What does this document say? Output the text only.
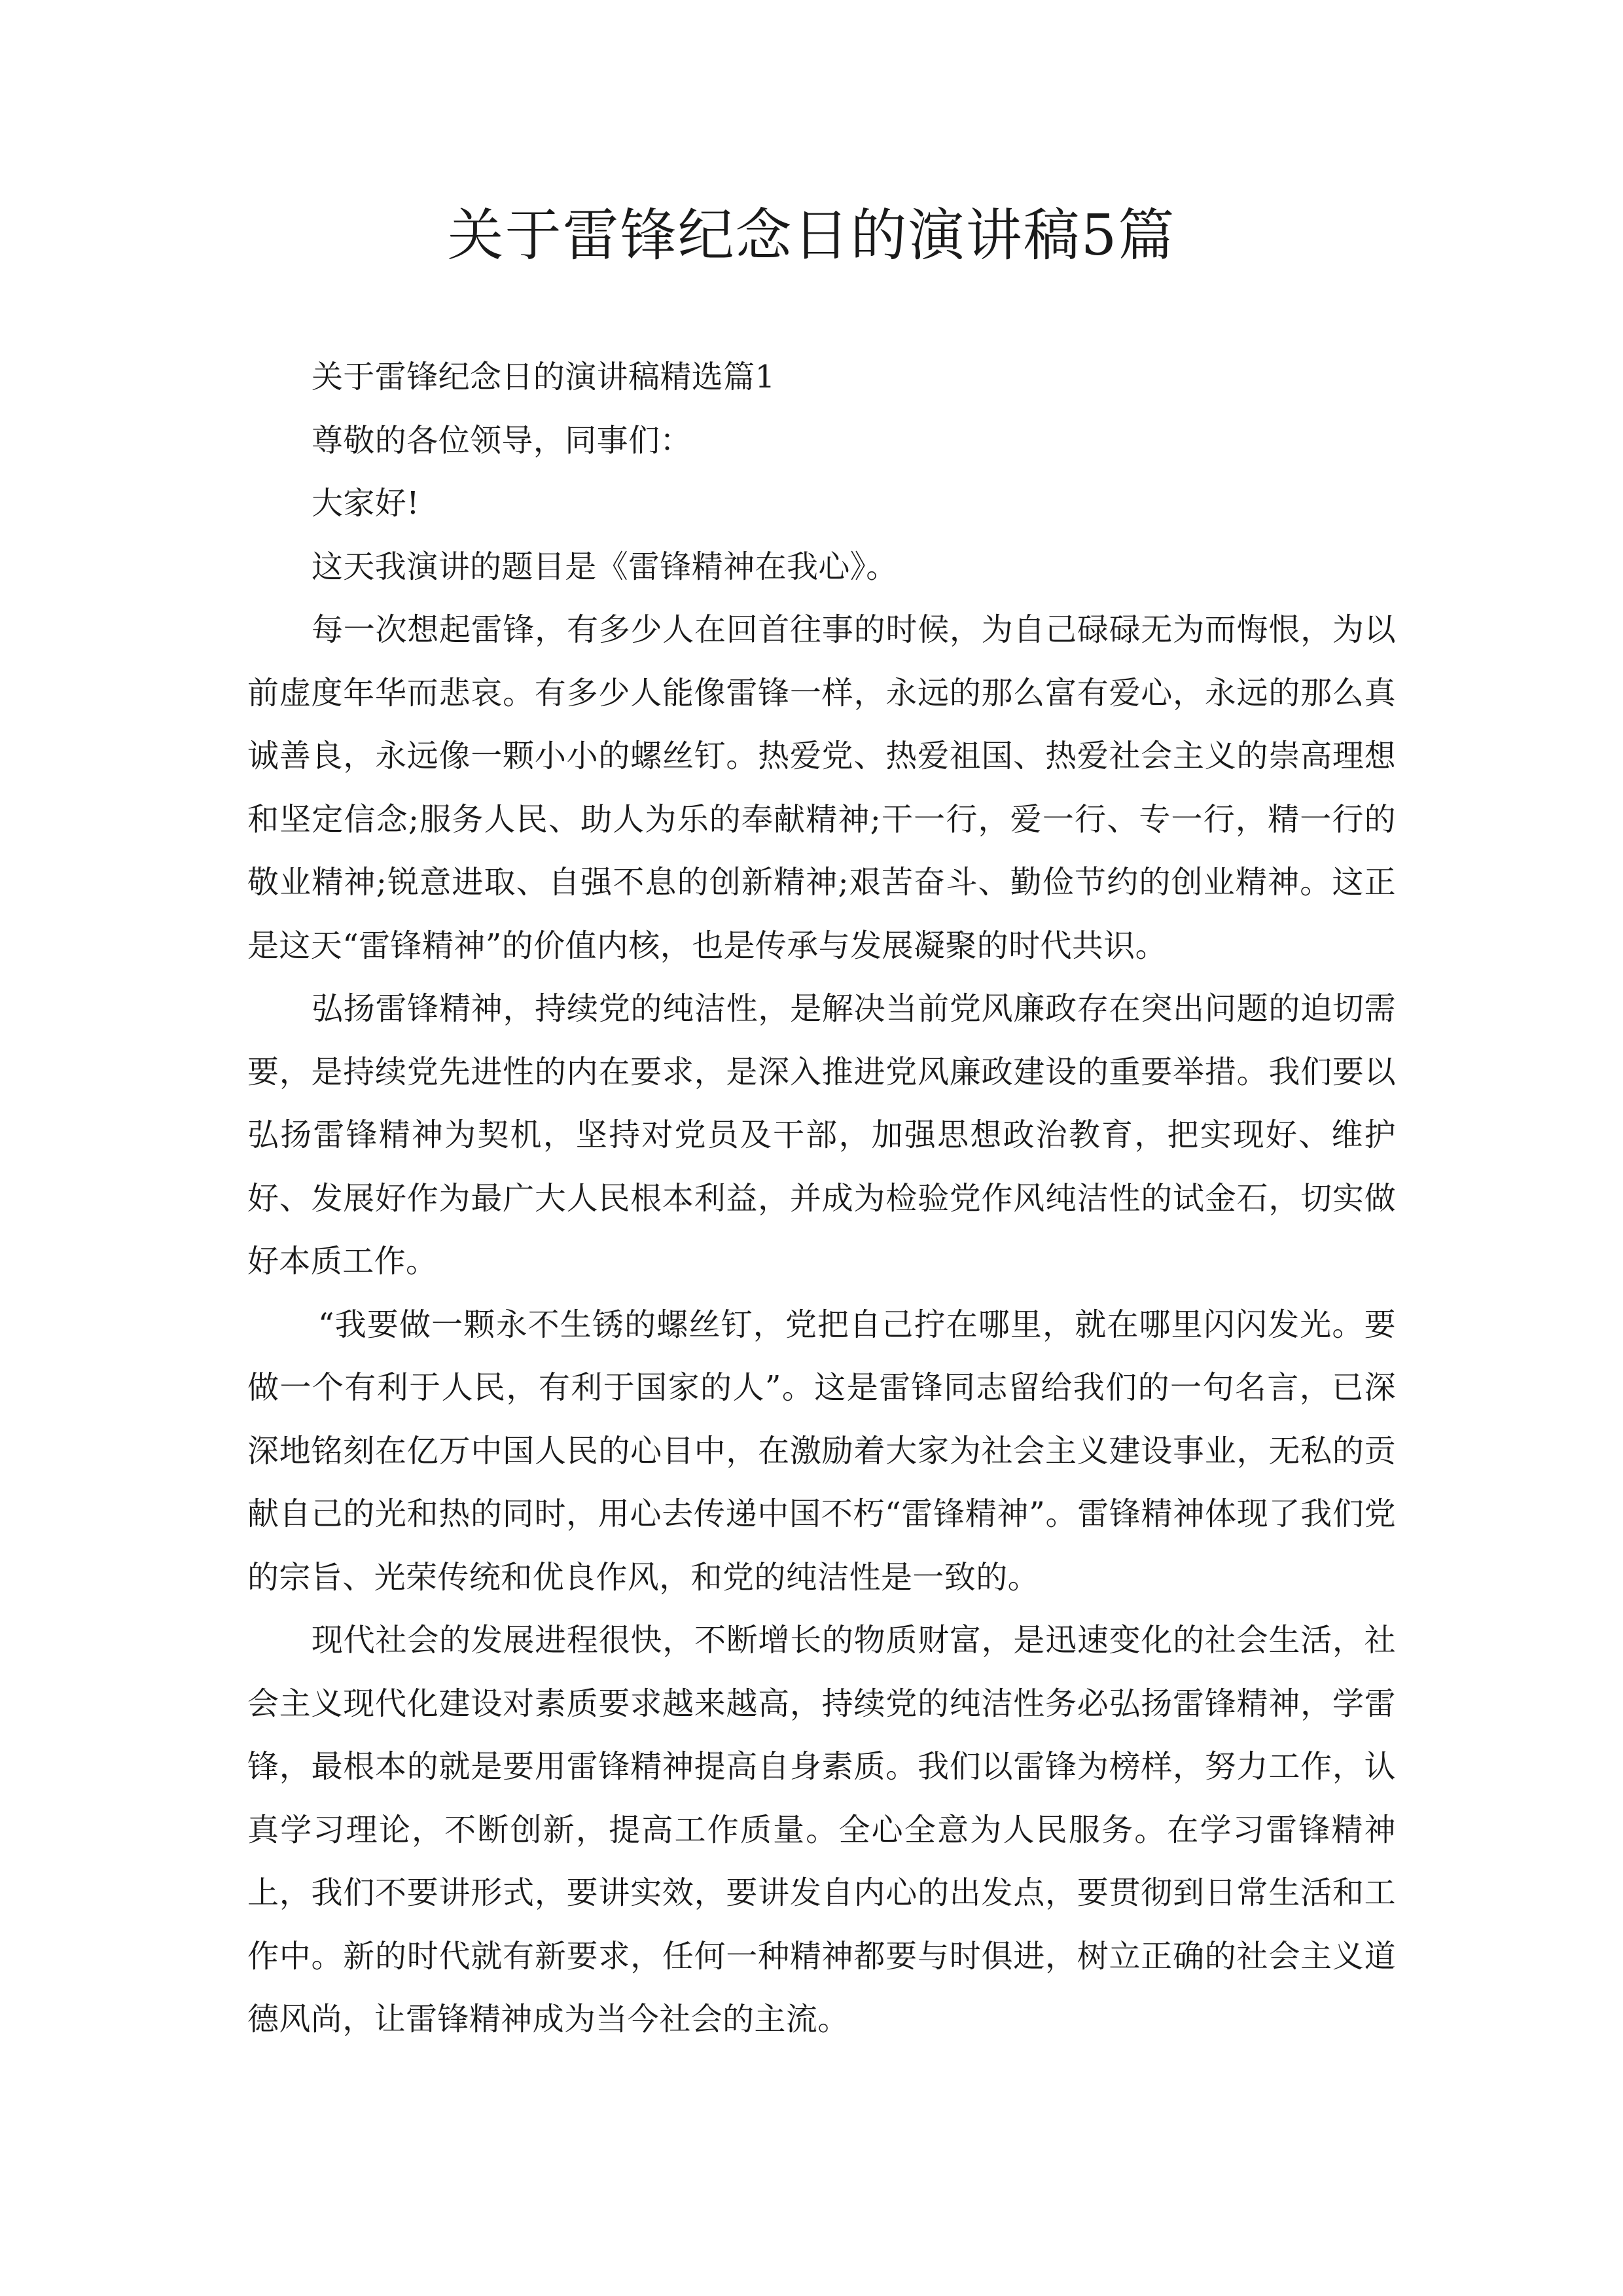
关于雷锋纪念日的演讲稿5篇

关于雷锋纪念日的演讲稿精选篇1

尊敬的各位领导，同事们：

大家好!

这天我演讲的题目是《雷锋精神在我心》。

每一次想起雷锋，有多少人在回首往事的时候，为自己碌碌无为而悔恨，为以前虚度年华而悲哀。有多少人能像雷锋一样，永远的那么富有爱心，永远的那么真诚善良，永远像一颗小小的螺丝钉。热爱党、热爱祖国、热爱社会主义的崇高理想和坚定信念;服务人民、助人为乐的奉献精神;干一行，爱一行、专一行，精一行的敬业精神;锐意进取、自强不息的创新精神;艰苦奋斗、勤俭节约的创业精神。这正是这天“雷锋精神”的价值内核，也是传承与发展凝聚的时代共识。

弘扬雷锋精神，持续党的纯洁性，是解决当前党风廉政存在突出问题的迫切需要，是持续党先进性的内在要求，是深入推进党风廉政建设的重要举措。我们要以弘扬雷锋精神为契机，坚持对党员及干部，加强思想政治教育，把实现好、维护好、发展好作为最广大人民根本利益，并成为检验党作风纯洁性的试金石，切实做好本质工作。

“我要做一颗永不生锈的螺丝钉，党把自己拧在哪里，就在哪里闪闪发光。要做一个有利于人民，有利于国家的人”。这是雷锋同志留给我们的一句名言，已深深地铭刻在亿万中国人民的心目中，在激励着大家为社会主义建设事业，无私的贡献自己的光和热的同时，用心去传递中国不朽“雷锋精神”。雷锋精神体现了我们党的宗旨、光荣传统和优良作风，和党的纯洁性是一致的。

现代社会的发展进程很快，不断增长的物质财富，是迅速变化的社会生活，社会主义现代化建设对素质要求越来越高，持续党的纯洁性务必弘扬雷锋精神，学雷锋，最根本的就是要用雷锋精神提高自身素质。我们以雷锋为榜样，努力工作，认真学习理论，不断创新，提高工作质量。全心全意为人民服务。在学习雷锋精神上，我们不要讲形式，要讲实效，要讲发自内心的出发点，要贯彻到日常生活和工作中。新的时代就有新要求，任何一种精神都要与时俱进，树立正确的社会主义道德风尚，让雷锋精神成为当今社会的主流。
